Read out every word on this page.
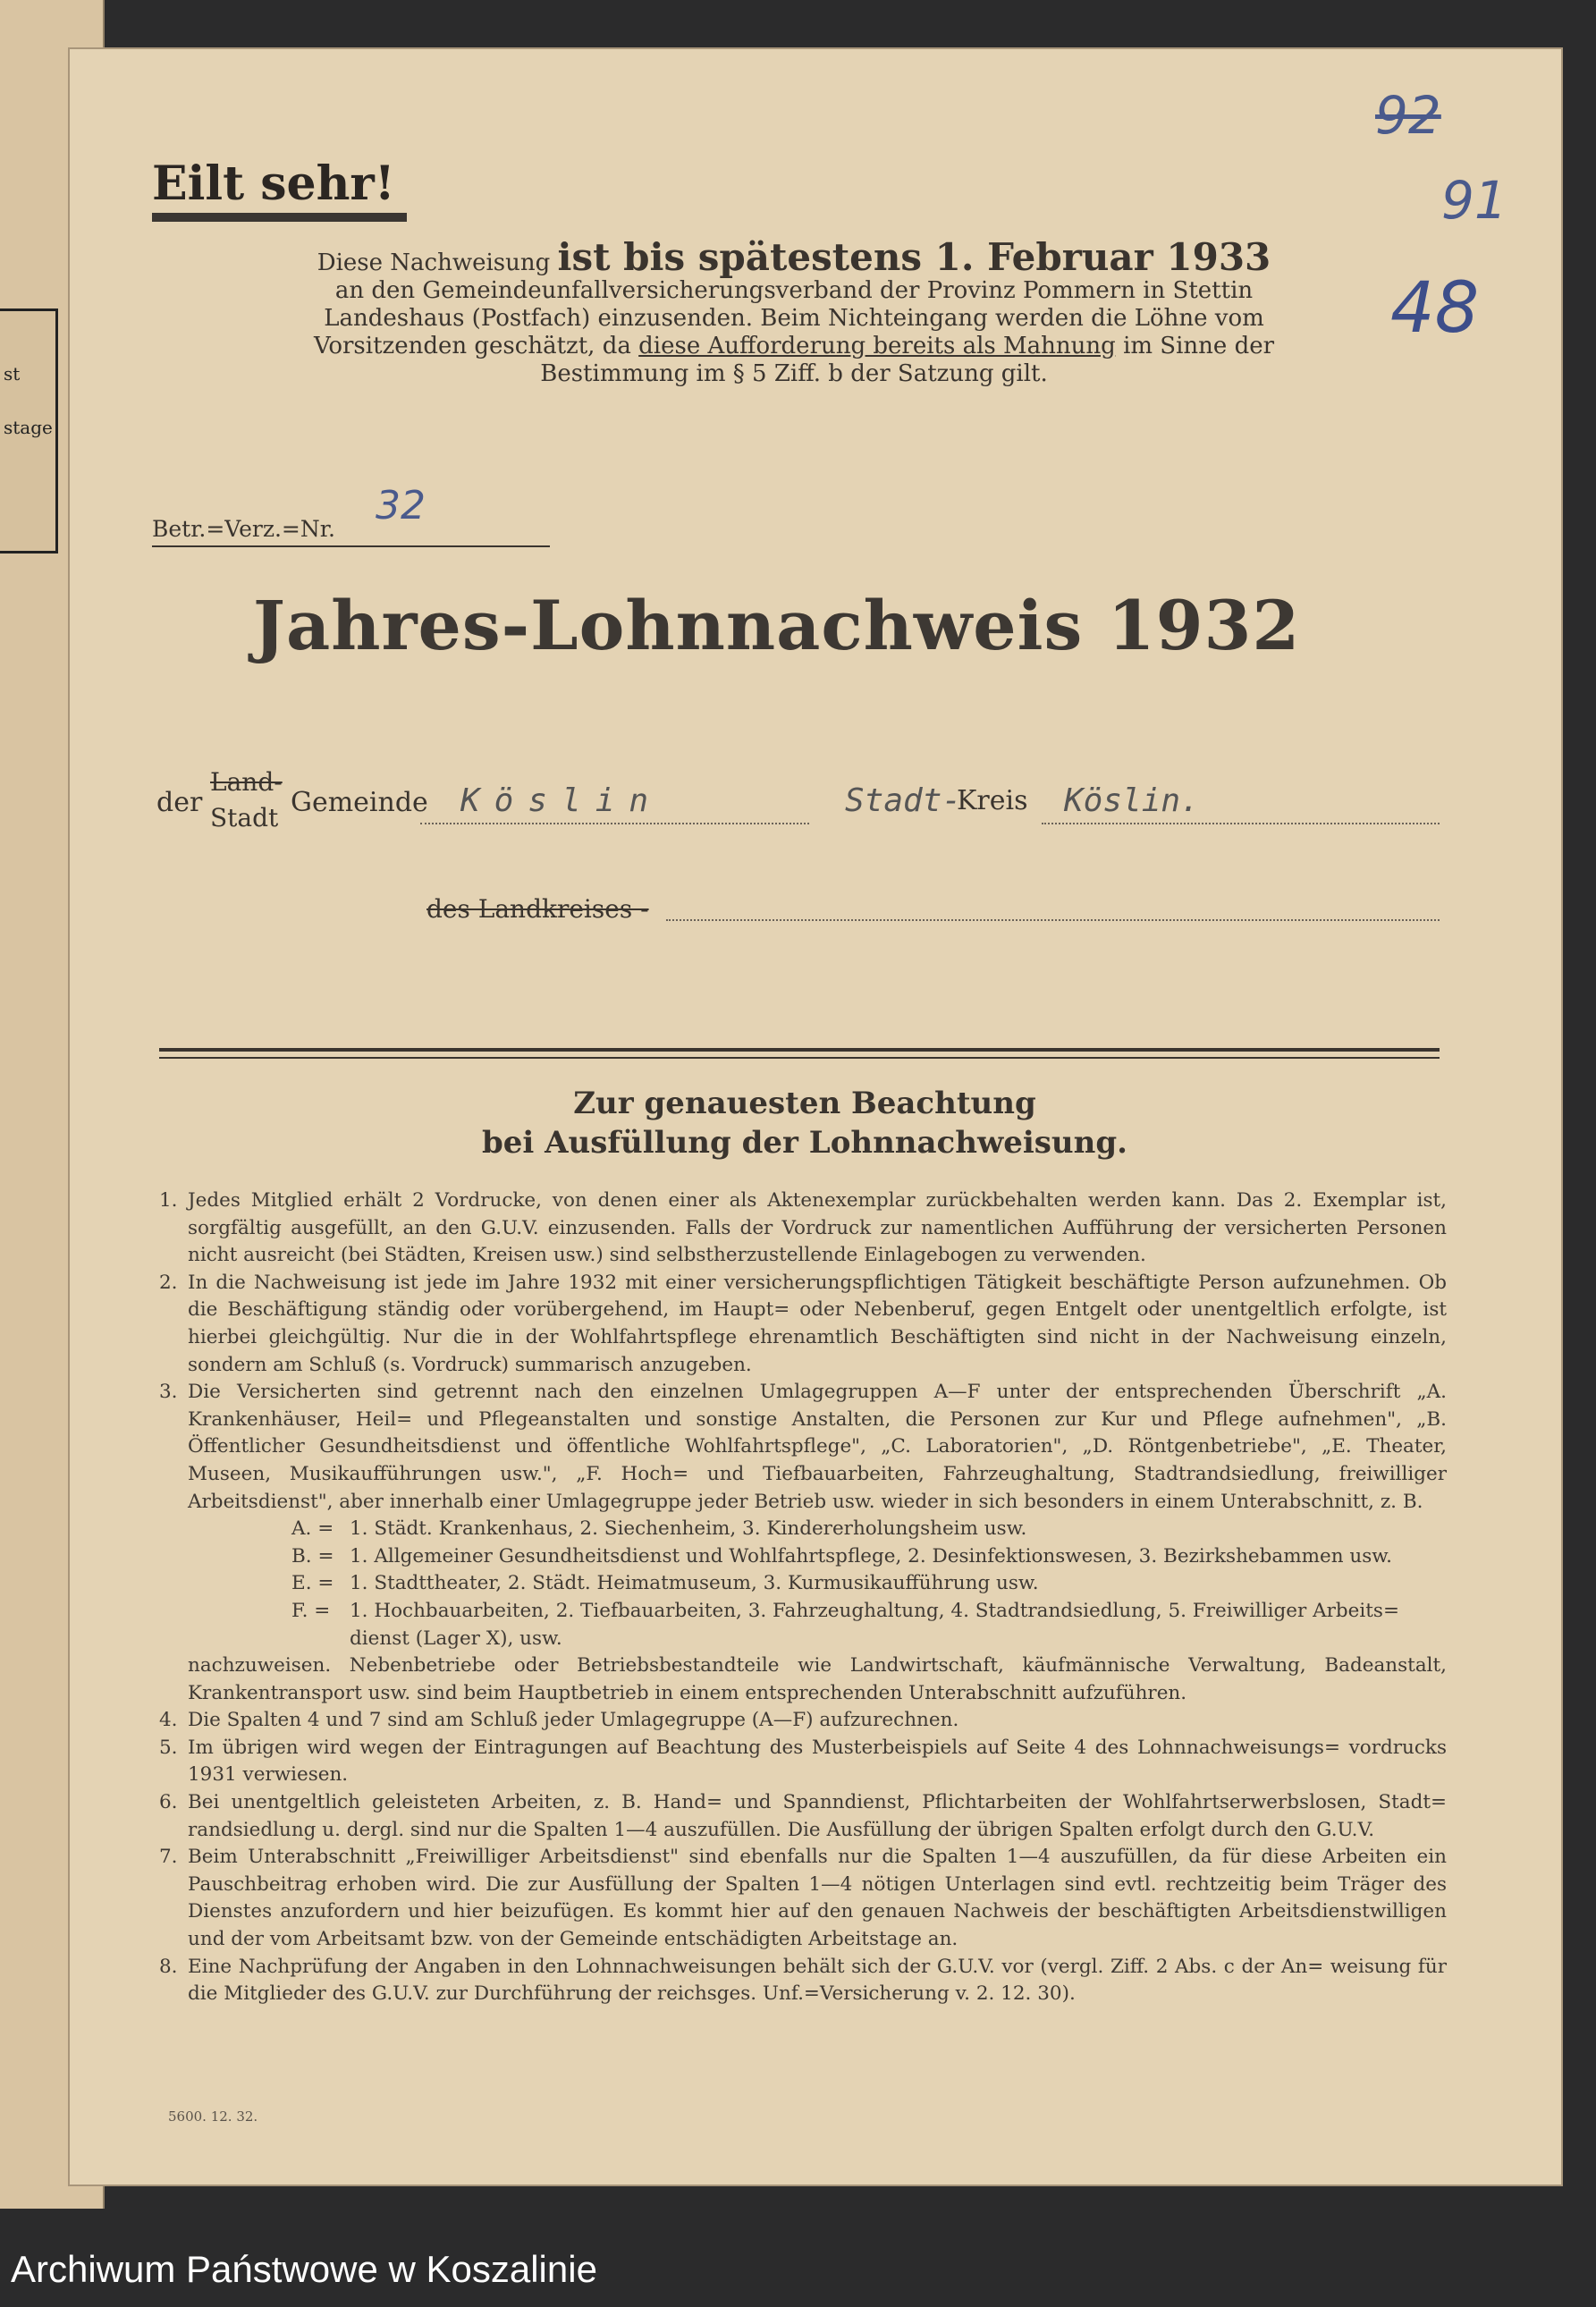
st
stage
Eilt sehr!
Diese Nachweisung ist bis spätestens 1. Februar 1933
an den Gemeindeunfallversicherungsverband der Provinz Pommern in Stettin Landeshaus (Postfach) einzusenden. Beim Nichteingang werden die Löhne vom Vorsitzenden geschätzt, da diese Aufforderung bereits als Mahnung im Sinne der Bestimmung im § 5 Ziff. b der Satzung gilt.
92
91
48
Betr.=Verz.=Nr.
32
Jahres-Lohnnachweis 1932
der
Land-
Stadt Gemeinde Köslin	Stadt-
Kreis Köslin.
des Landkreises -
Zur genauesten Beachtung
bei Ausfüllung der Lohnnachweisung.
1. Jedes Mitglied erhält 2 Vordrucke, von denen einer als Aktenexemplar zurückbehalten werden kann. Das 2. Exemplar ist, sorgfältig ausgefüllt, an den G.U.V. einzusenden. Falls der Vordruck zur namentlichen Aufführung der versicherten Personen nicht ausreicht (bei Städten, Kreisen usw.) sind selbstherzustellende Einlagebogen zu verwenden.
2. In die Nachweisung ist jede im Jahre 1932 mit einer versicherungspflichtigen Tätigkeit beschäftigte Person aufzunehmen. Ob die Beschäftigung ständig oder vorübergehend, im Haupt= oder Nebenberuf, gegen Entgelt oder unentgeltlich erfolgte, ist hierbei gleichgültig. Nur die in der Wohlfahrtspflege ehrenamtlich Beschäftigten sind nicht in der Nachweisung einzeln, sondern am Schluß (s. Vordruck) summarisch anzugeben.
3. Die Versicherten sind getrennt nach den einzelnen Umlagegruppen A—F unter der entsprechenden Überschrift „A. Krankenhäuser, Heil= und Pflegeanstalten und sonstige Anstalten, die Personen zur Kur und Pflege aufnehmen", „B. Öffentlicher Gesundheitsdienst und öffentliche Wohlfahrtspflege", „C. Laboratorien", „D. Röntgenbetriebe", „E. Theater, Museen, Musikaufführungen usw.", „F. Hoch= und Tiefbauarbeiten, Fahrzeughaltung, Stadtrandsiedlung, freiwilliger Arbeitsdienst", aber innerhalb einer Umlagegruppe jeder Betrieb usw. wieder in sich besonders in einem Unterabschnitt, z. B.
A. = 1. Städt. Krankenhaus, 2. Siechenheim, 3. Kindererholungsheim usw.
B. = 1. Allgemeiner Gesundheitsdienst und Wohlfahrtspflege, 2. Desinfektionswesen, 3. Bezirkshebammen usw.
E. = 1. Stadttheater, 2. Städt. Heimatmuseum, 3. Kurmusikaufführung usw.
F. =	1. Hochbauarbeiten, 2. Tiefbauarbeiten, 3. Fahrzeughaltung, 4. Stadtrandsiedlung, 5. Freiwilliger Arbeits= dienst (Lager X), usw.
nachzuweisen. Nebenbetriebe oder Betriebsbestandteile wie Landwirtschaft, käufmännische Verwaltung, Badeanstalt, Krankentransport usw. sind beim Hauptbetrieb in einem entsprechenden Unterabschnitt aufzuführen.
4. Die Spalten 4 und 7 sind am Schluß jeder Umlagegruppe (A—F) aufzurechnen.
5. Im übrigen wird wegen der Eintragungen auf Beachtung des Musterbeispiels auf Seite 4 des Lohnnachweisungs= vordrucks 1931 verwiesen.
6. Bei unentgeltlich geleisteten Arbeiten, z. B. Hand= und Spanndienst, Pflichtarbeiten der Wohlfahrtserwerbslosen, Stadt= randsiedlung u. dergl. sind nur die Spalten 1—4 auszufüllen. Die Ausfüllung der übrigen Spalten erfolgt durch den G.U.V.
7. Beim Unterabschnitt „Freiwilliger Arbeitsdienst" sind ebenfalls nur die Spalten 1—4 auszufüllen, da für diese Arbeiten ein Pauschbeitrag erhoben wird. Die zur Ausfüllung der Spalten 1—4 nötigen Unterlagen sind evtl. rechtzeitig beim Träger des Dienstes anzufordern und hier beizufügen. Es kommt hier auf den genauen Nachweis der beschäftigten Arbeitsdienstwilligen und der vom Arbeitsamt bzw. von der Gemeinde entschädigten Arbeitstage an.
8. Eine Nachprüfung der Angaben in den Lohnnachweisungen behält sich der G.U.V. vor (vergl. Ziff. 2 Abs. c der An= weisung für die Mitglieder des G.U.V. zur Durchführung der reichsges. Unf.=Versicherung v. 2. 12. 30).
5600. 12. 32.
Archiwum Państwowe w Koszalinie
